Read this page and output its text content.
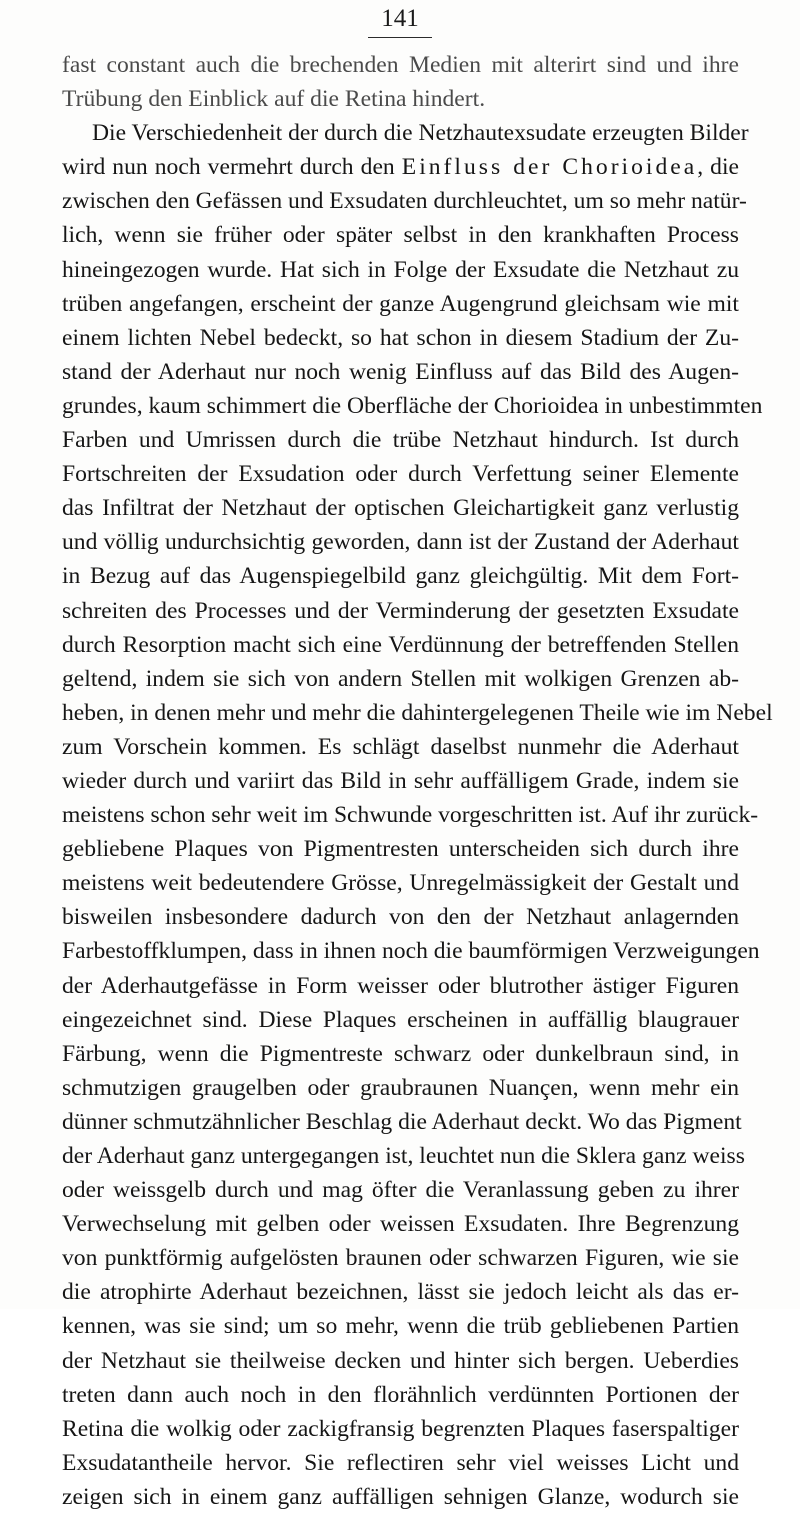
141
fast constant auch die brechenden Medien mit alterirt sind und ihre
Trübung den Einblick auf die Retina hindert.
Die Verschiedenheit der durch die Netzhautexsudate erzeugten Bilder
wird nun noch vermehrt durch den Einfluss der Chorioidea, die
zwischen den Gefässen und Exsudaten durchleuchtet, um so mehr natür-
lich, wenn sie früher oder später selbst in den krankhaften Process
hineingezogen wurde. Hat sich in Folge der Exsudate die Netzhaut zu
trüben angefangen, erscheint der ganze Augengrund gleichsam wie mit
einem lichten Nebel bedeckt, so hat schon in diesem Stadium der Zu-
stand der Aderhaut nur noch wenig Einfluss auf das Bild des Augen-
grundes, kaum schimmert die Oberfläche der Chorioidea in unbestimmten
Farben und Umrissen durch die trübe Netzhaut hindurch. Ist durch
Fortschreiten der Exsudation oder durch Verfettung seiner Elemente
das Infiltrat der Netzhaut der optischen Gleichartigkeit ganz verlustig
und völlig undurchsichtig geworden, dann ist der Zustand der Aderhaut
in Bezug auf das Augenspiegelbild ganz gleichgültig. Mit dem Fort-
schreiten des Processes und der Verminderung der gesetzten Exsudate
durch Resorption macht sich eine Verdünnung der betreffenden Stellen
geltend, indem sie sich von andern Stellen mit wolkigen Grenzen ab-
heben, in denen mehr und mehr die dahintergelegenen Theile wie im Nebel
zum Vorschein kommen. Es schlägt daselbst nunmehr die Aderhaut
wieder durch und variirt das Bild in sehr auffälligem Grade, indem sie
meistens schon sehr weit im Schwunde vorgeschritten ist. Auf ihr zurück-
gebliebene Plaques von Pigmentresten unterscheiden sich durch ihre
meistens weit bedeutendere Grösse, Unregelmässigkeit der Gestalt und
bisweilen insbesondere dadurch von den der Netzhaut anlagernden
Farbestoffklumpen, dass in ihnen noch die baumförmigen Verzweigungen
der Aderhautgefässe in Form weisser oder blutrother ästiger Figuren
eingezeichnet sind. Diese Plaques erscheinen in auffällig blaugrauer
Färbung, wenn die Pigmentreste schwarz oder dunkelbraun sind, in
schmutzigen graugelben oder graubraunen Nuançen, wenn mehr ein
dünner schmutzähnlicher Beschlag die Aderhaut deckt. Wo das Pigment
der Aderhaut ganz untergegangen ist, leuchtet nun die Sklera ganz weiss
oder weissgelb durch und mag öfter die Veranlassung geben zu ihrer
Verwechselung mit gelben oder weissen Exsudaten. Ihre Begrenzung
von punktförmig aufgelösten braunen oder schwarzen Figuren, wie sie
die atrophirte Aderhaut bezeichnen, lässt sie jedoch leicht als das er-
kennen, was sie sind; um so mehr, wenn die trüb gebliebenen Partien
der Netzhaut sie theilweise decken und hinter sich bergen. Ueberdies
treten dann auch noch in den florähnlich verdünnten Portionen der
Retina die wolkig oder zackigfransig begrenzten Plaques faserspaltiger
Exsudatantheile hervor. Sie reflectiren sehr viel weisses Licht und
zeigen sich in einem ganz auffälligen sehnigen Glanze, wodurch sie
